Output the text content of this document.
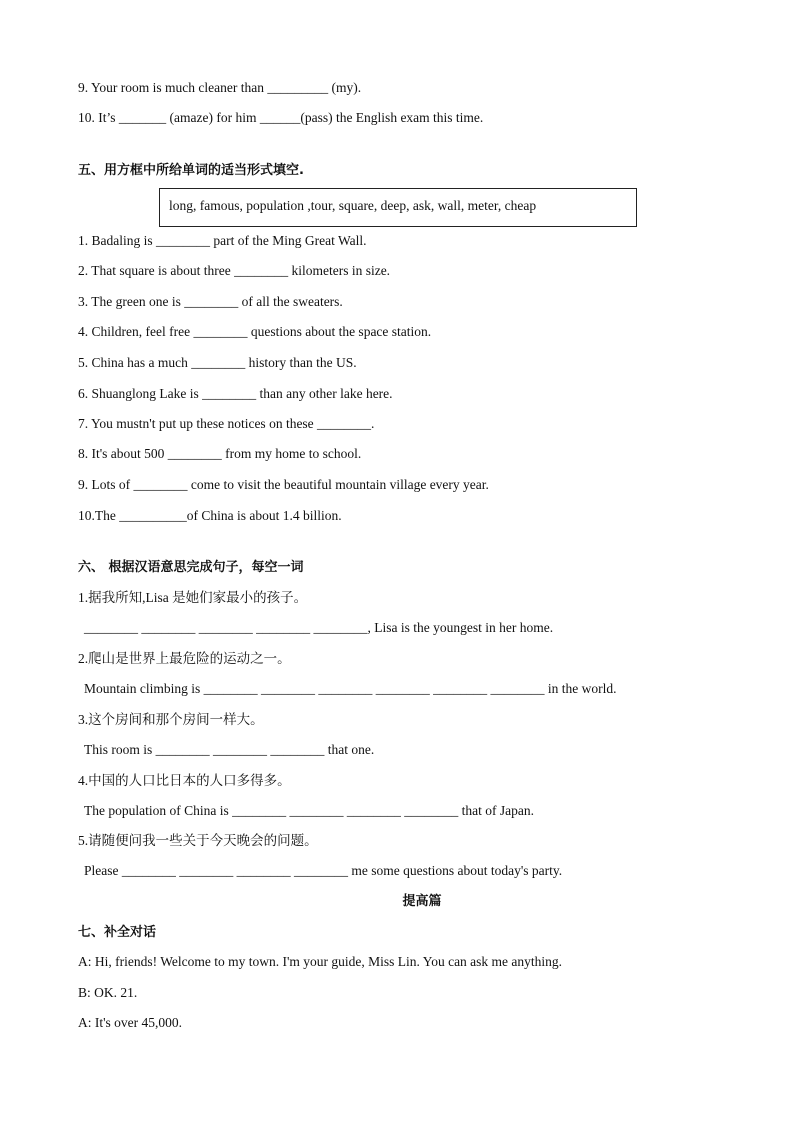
9. Your room is much cleaner than _________ (my).
10. It’s _______ (amaze) for him ______(pass) the English exam this time.
五、用方框中所给单词的适当形式填空.
long, famous, population ,tour, square, deep, ask, wall, meter, cheap
1. Badaling is ________ part of the Ming Great Wall.
2. That square is about three ________ kilometers in size.
3. The green one is ________ of all the sweaters.
4. Children, feel free ________ questions about the space station.
5. China has a much ________ history than the US.
6. Shuanglong Lake is ________ than any other lake here.
7. You mustn't put up these notices on these ________.
8. It's about 500 ________ from my home to school.
9. Lots of ________ come to visit the beautiful mountain village every year.
10.The __________of China is about 1.4 billion.
六、 根据汉语意思完成句子，每空一词
1.据我所知,Lisa 是她们家最小的孩子。
________ ________ ________ ________ ________, Lisa is the youngest in her home.
2.爬山是世界上最危险的运动之一。
Mountain climbing is ________ ________ ________ ________ ________ ________ in the world.
3.这个房间和那个房间一样大。
This room is ________ ________ ________ that one.
4.中国的人口比日本的人口多得多。
The population of China is ________ ________ ________ ________ that of Japan.
5.请随便问我一些关于今天晚会的问题。
Please ________ ________ ________ ________ me some questions about today's party.
提高篇
七、补全对话
A: Hi, friends! Welcome to my town. I'm your guide, Miss Lin. You can ask me anything.
B: OK. 21.
A: It's over 45,000.
